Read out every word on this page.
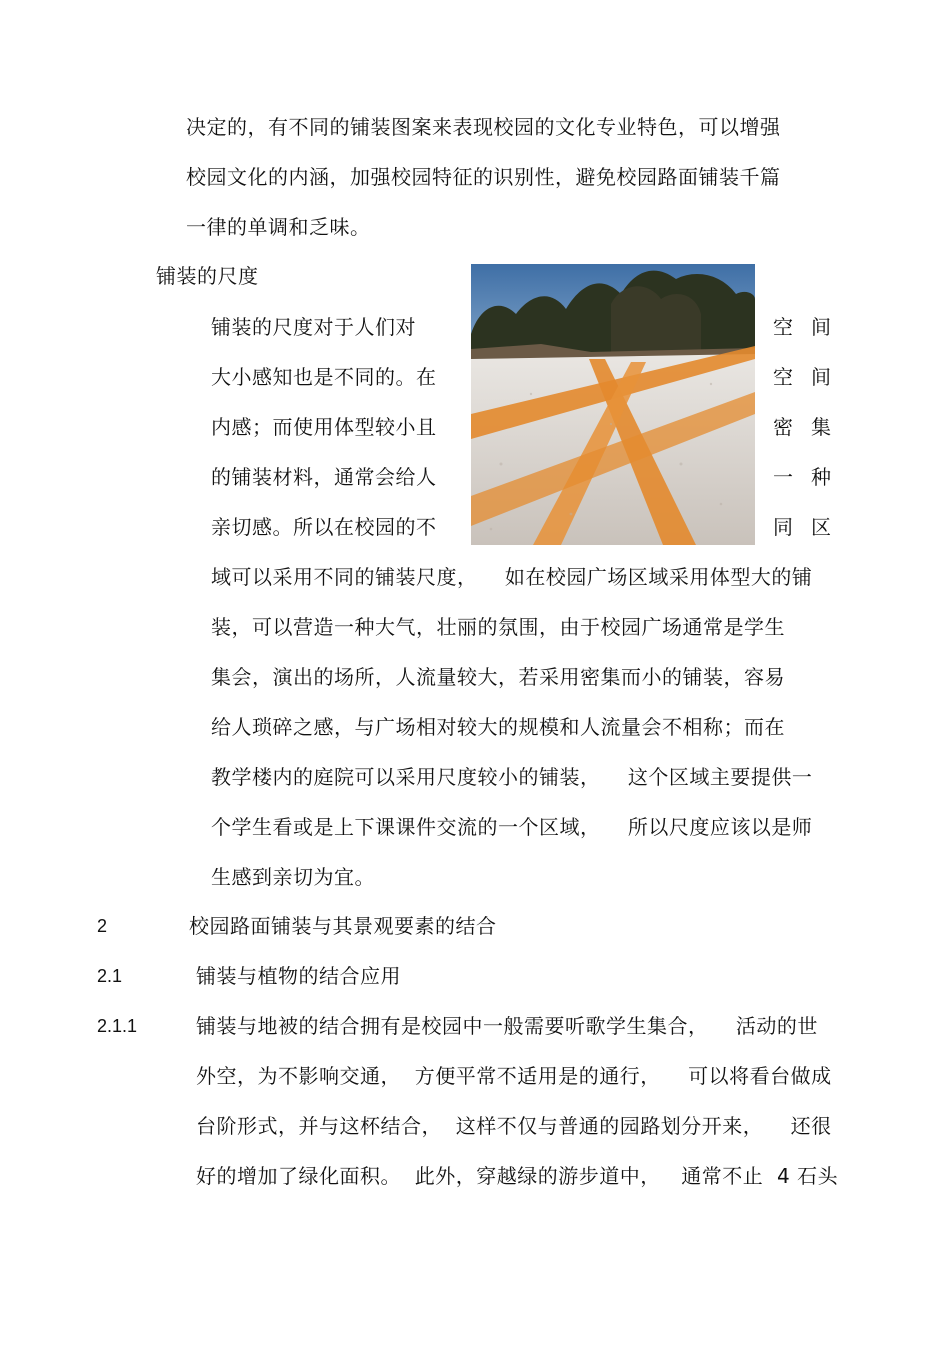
决定的，有不同的铺装图案来表现校园的文化专业特色，可以增强
校园文化的内涵，加强校园特征的识别性，避免校园路面铺装千篇
一律的单调和乏味。
铺装的尺度
铺装的尺度对于人们对
大小感知也是不同的。在
内感；而使用体型较小且
的铺装材料，通常会给人
亲切感。所以在校园的不
空 间
空 间
密 集
一 种
同 区
域可以采用不同的铺装尺度，    如在校园广场区域采用体型大的铺
装，可以营造一种大气，壮丽的氛围，由于校园广场通常是学生
集会，演出的场所，人流量较大，若采用密集而小的铺装，容易
给人琐碎之感，与广场相对较大的规模和人流量会不相称；而在
教学楼内的庭院可以采用尺度较小的铺装，    这个区域主要提供一
个学生看或是上下课课件交流的一个区域，    所以尺度应该以是师
生感到亲切为宜。
2	校园路面铺装与其景观要素的结合
2.1	铺装与植物的结合应用
2.1.1	铺装与地被的结合拥有是校园中一般需要听歌学生集合，    活动的世
外空，为不影响交通，  方便平常不适用是的通行，    可以将看台做成
台阶形式，并与这杯结合，  这样不仅与普通的园路划分开来，    还很
好的增加了绿化面积。  此外，穿越绿的游步道中，   通常不止  4 石头
